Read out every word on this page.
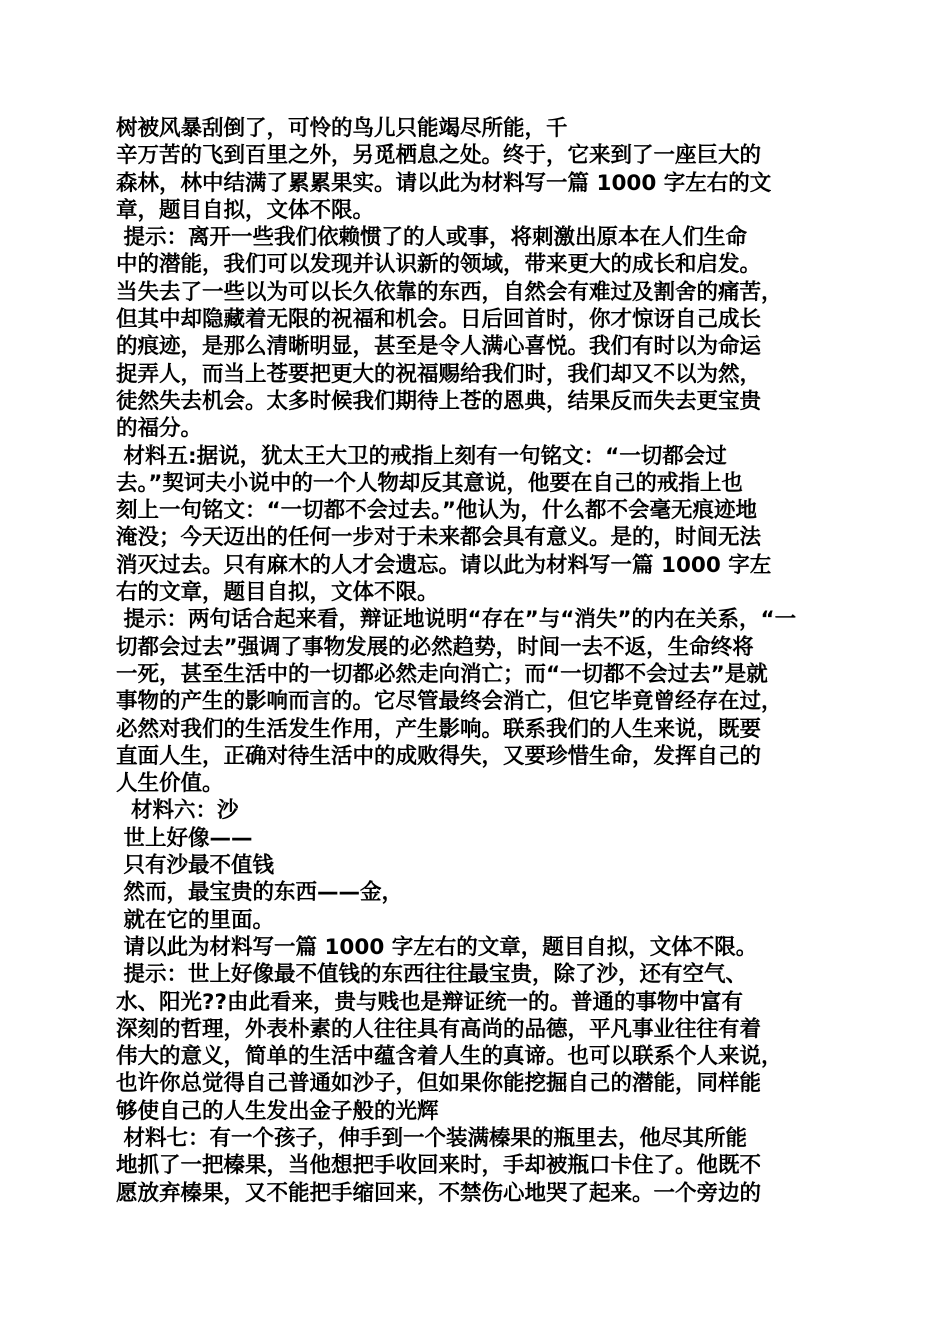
树被风暴刮倒了，可怜的鸟儿只能竭尽所能，千
辛万苦的飞到百里之外，另觅栖息之处。终于，它来到了一座巨大的
森林，林中结满了累累果实。请以此为材料写一篇 1000 字左右的文
章，题目自拟，文体不限。
提示：离开一些我们依赖惯了的人或事，将刺激出原本在人们生命
中的潜能，我们可以发现并认识新的领域，带来更大的成长和启发。
当失去了一些以为可以长久依靠的东西，自然会有难过及割舍的痛苦，
但其中却隐藏着无限的祝福和机会。日后回首时，你才惊讶自己成长
的痕迹，是那么清晰明显，甚至是令人满心喜悦。我们有时以为命运
捉弄人，而当上苍要把更大的祝福赐给我们时，我们却又不以为然，
徒然失去机会。太多时候我们期待上苍的恩典，结果反而失去更宝贵
的福分。
材料五:据说，犹太王大卫的戒指上刻有一句铭文：“一切都会过
去。”契诃夫小说中的一个人物却反其意说，他要在自己的戒指上也
刻上一句铭文：“一切都不会过去。”他认为，什么都不会毫无痕迹地
淹没；今天迈出的任何一步对于未来都会具有意义。是的，时间无法
消灭过去。只有麻木的人才会遗忘。请以此为材料写一篇 1000 字左
右的文章，题目自拟，文体不限。
提示：两句话合起来看，辩证地说明“存在”与“消失”的内在关系，“一
切都会过去”强调了事物发展的必然趋势，时间一去不返，生命终将
一死，甚至生活中的一切都必然走向消亡；而“一切都不会过去”是就
事物的产生的影响而言的。它尽管最终会消亡，但它毕竟曾经存在过，
必然对我们的生活发生作用，产生影响。联系我们的人生来说，既要
直面人生，正确对待生活中的成败得失，又要珍惜生命，发挥自己的
人生价值。
材料六：沙
世上好像——
只有沙最不值钱
然而，最宝贵的东西——金，
就在它的里面。
请以此为材料写一篇 1000 字左右的文章，题目自拟，文体不限。
提示：世上好像最不值钱的东西往往最宝贵，除了沙，还有空气、
水、阳光??由此看来，贵与贱也是辩证统一的。普通的事物中富有
深刻的哲理，外表朴素的人往往具有高尚的品德，平凡事业往往有着
伟大的意义，简单的生活中蕴含着人生的真谛。也可以联系个人来说，
也许你总觉得自己普通如沙子，但如果你能挖掘自己的潜能，同样能
够使自己的人生发出金子般的光辉
材料七：有一个孩子，伸手到一个装满榛果的瓶里去，他尽其所能
地抓了一把榛果，当他想把手收回来时，手却被瓶口卡住了。他既不
愿放弃榛果，又不能把手缩回来，不禁伤心地哭了起来。一个旁边的
